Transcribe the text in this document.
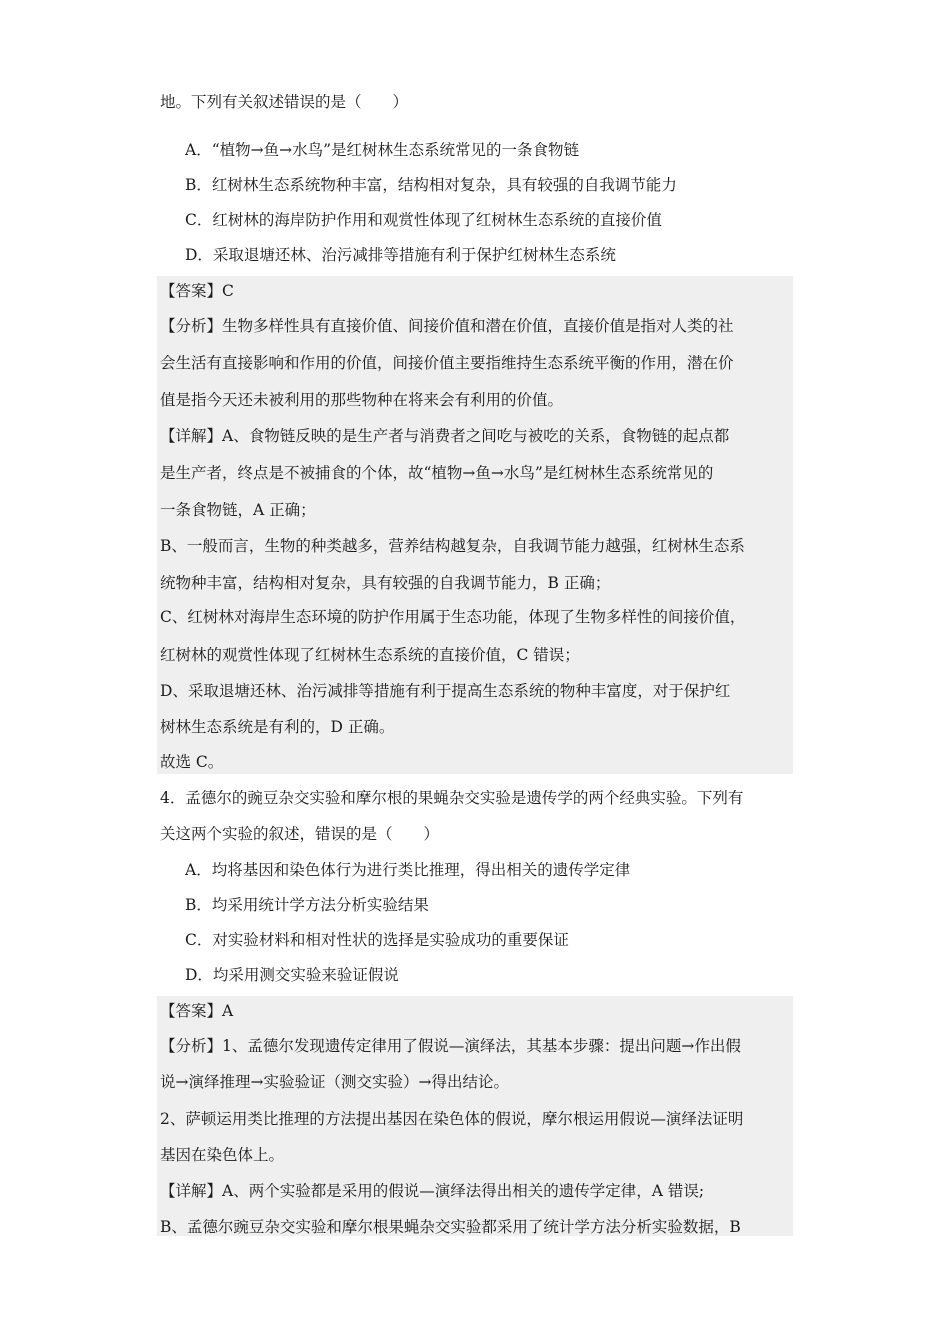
地。下列有关叙述错误的是（　　）
A．“植物→鱼→水鸟”是红树林生态系统常见的一条食物链
B．红树林生态系统物种丰富，结构相对复杂，具有较强的自我调节能力
C．红树林的海岸防护作用和观赏性体现了红树林生态系统的直接价值
D．采取退塘还林、治污减排等措施有利于保护红树林生态系统
【答案】C
【分析】生物多样性具有直接价值、间接价值和潜在价值，直接价值是指对人类的社
会生活有直接影响和作用的价值，间接价值主要指维持生态系统平衡的作用，潜在价
值是指今天还未被利用的那些物种在将来会有利用的价值。
【详解】A、食物链反映的是生产者与消费者之间吃与被吃的关系，食物链的起点都
是生产者，终点是不被捕食的个体，故“植物→鱼→水鸟”是红树林生态系统常见的
一条食物链，A 正确；
B、一般而言，生物的种类越多，营养结构越复杂，自我调节能力越强，红树林生态系
统物种丰富，结构相对复杂，具有较强的自我调节能力，B 正确；
C、红树林对海岸生态环境的防护作用属于生态功能，体现了生物多样性的间接价值，
红树林的观赏性体现了红树林生态系统的直接价值，C 错误；
D、采取退塘还林、治污减排等措施有利于提高生态系统的物种丰富度，对于保护红
树林生态系统是有利的，D 正确。
故选 C。
4．孟德尔的豌豆杂交实验和摩尔根的果蝇杂交实验是遗传学的两个经典实验。下列有
关这两个实验的叙述，错误的是（　　）
A．均将基因和染色体行为进行类比推理，得出相关的遗传学定律
B．均采用统计学方法分析实验结果
C．对实验材料和相对性状的选择是实验成功的重要保证
D．均采用测交实验来验证假说
【答案】A
【分析】1、孟德尔发现遗传定律用了假说—演绎法，其基本步骤：提出问题→作出假
说→演绎推理→实验验证（测交实验）→得出结论。
2、萨顿运用类比推理的方法提出基因在染色体的假说，摩尔根运用假说—演绎法证明
基因在染色体上。
【详解】A、两个实验都是采用的假说—演绎法得出相关的遗传学定律，A 错误;
B、孟德尔豌豆杂交实验和摩尔根果蝇杂交实验都采用了统计学方法分析实验数据，B
